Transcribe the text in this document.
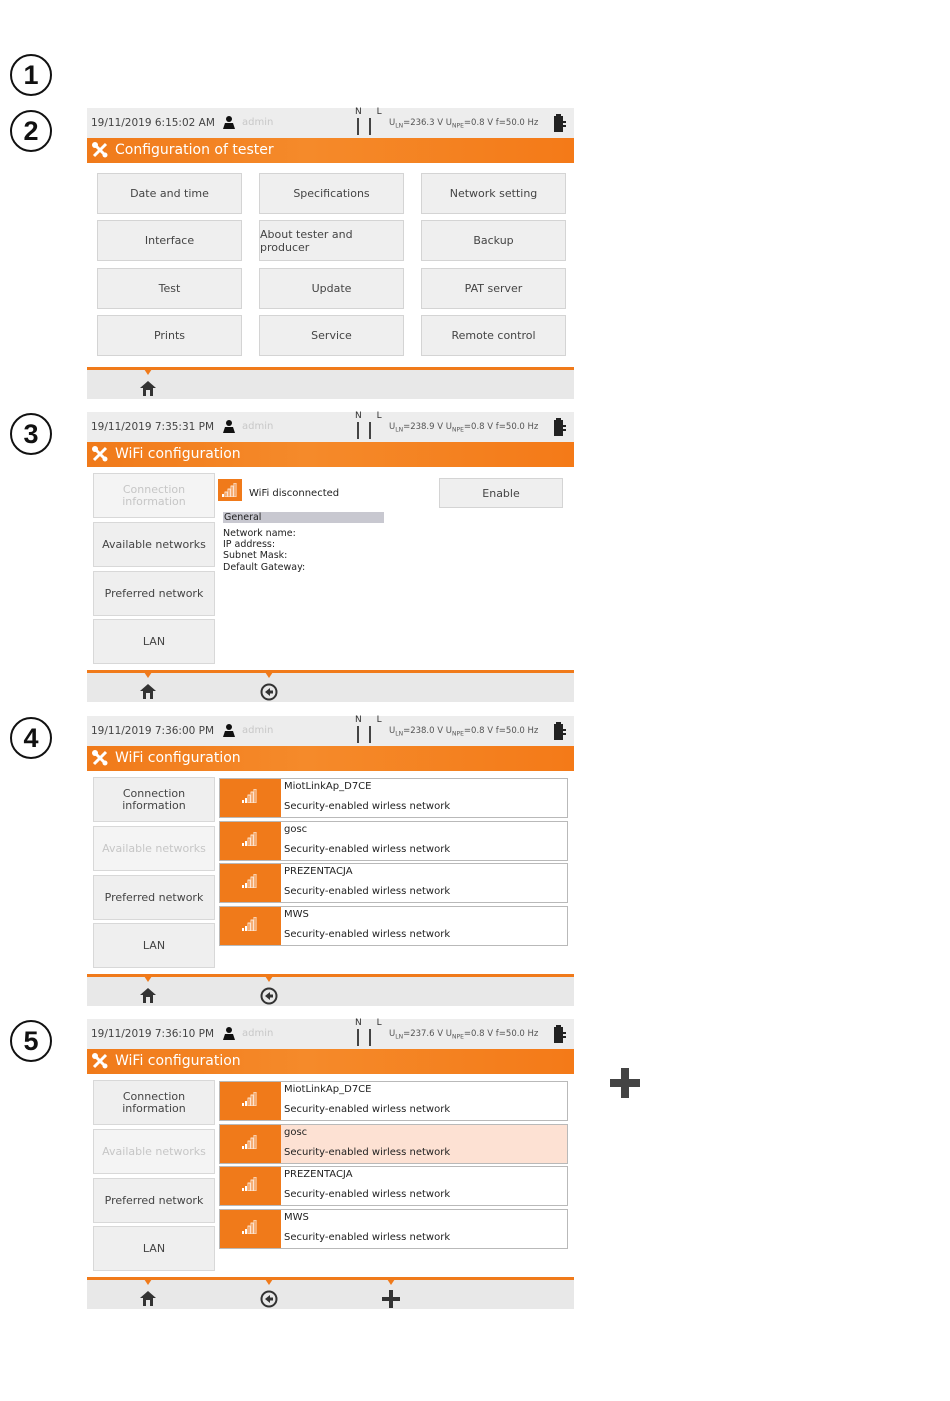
1
2
3
4
5
19/11/2019 6:15:02 AM	admin
N L
$U_{LN}=236.3$ V $U_{NPE}=0.8$ V f=50.0 Hz
Configuration of tester
Date and time	Specifications	Network setting
Interface	About tester and producer	Backup
Test	Update	PAT server
Prints	Service	Remote control
19/11/2019 7:35:31 PM	admin
N L
$U_{LN}=238.9$ V $U_{NPE}=0.8$ V f=50.0 Hz
WiFi configuration
Connection information
Available networks
Preferred network
LAN
WiFi disconnected	Enable
General
Network name:
IP address:
Subnet Mask:
Default Gateway:
19/11/2019 7:36:00 PM	admin
N L
$U_{LN}=238.0$ V $U_{NPE}=0.8$ V f=50.0 Hz
WiFi configuration
Connection information
Available networks
Preferred network
LAN
MiotLinkAp_D7CE
Security-enabled wirless network
gosc
Security-enabled wirless network
PREZENTACJA
Security-enabled wirless network
MWS
Security-enabled wirless network
19/11/2019 7:36:10 PM	admin
N L
$U_{LN}=237.6$ V $U_{NPE}=0.8$ V f=50.0 Hz
WiFi configuration
Connection information
Available networks
Preferred network
LAN
MiotLinkAp_D7CE
Security-enabled wirless network
gosc
Security-enabled wirless network
PREZENTACJA
Security-enabled wirless network
MWS
Security-enabled wirless network
